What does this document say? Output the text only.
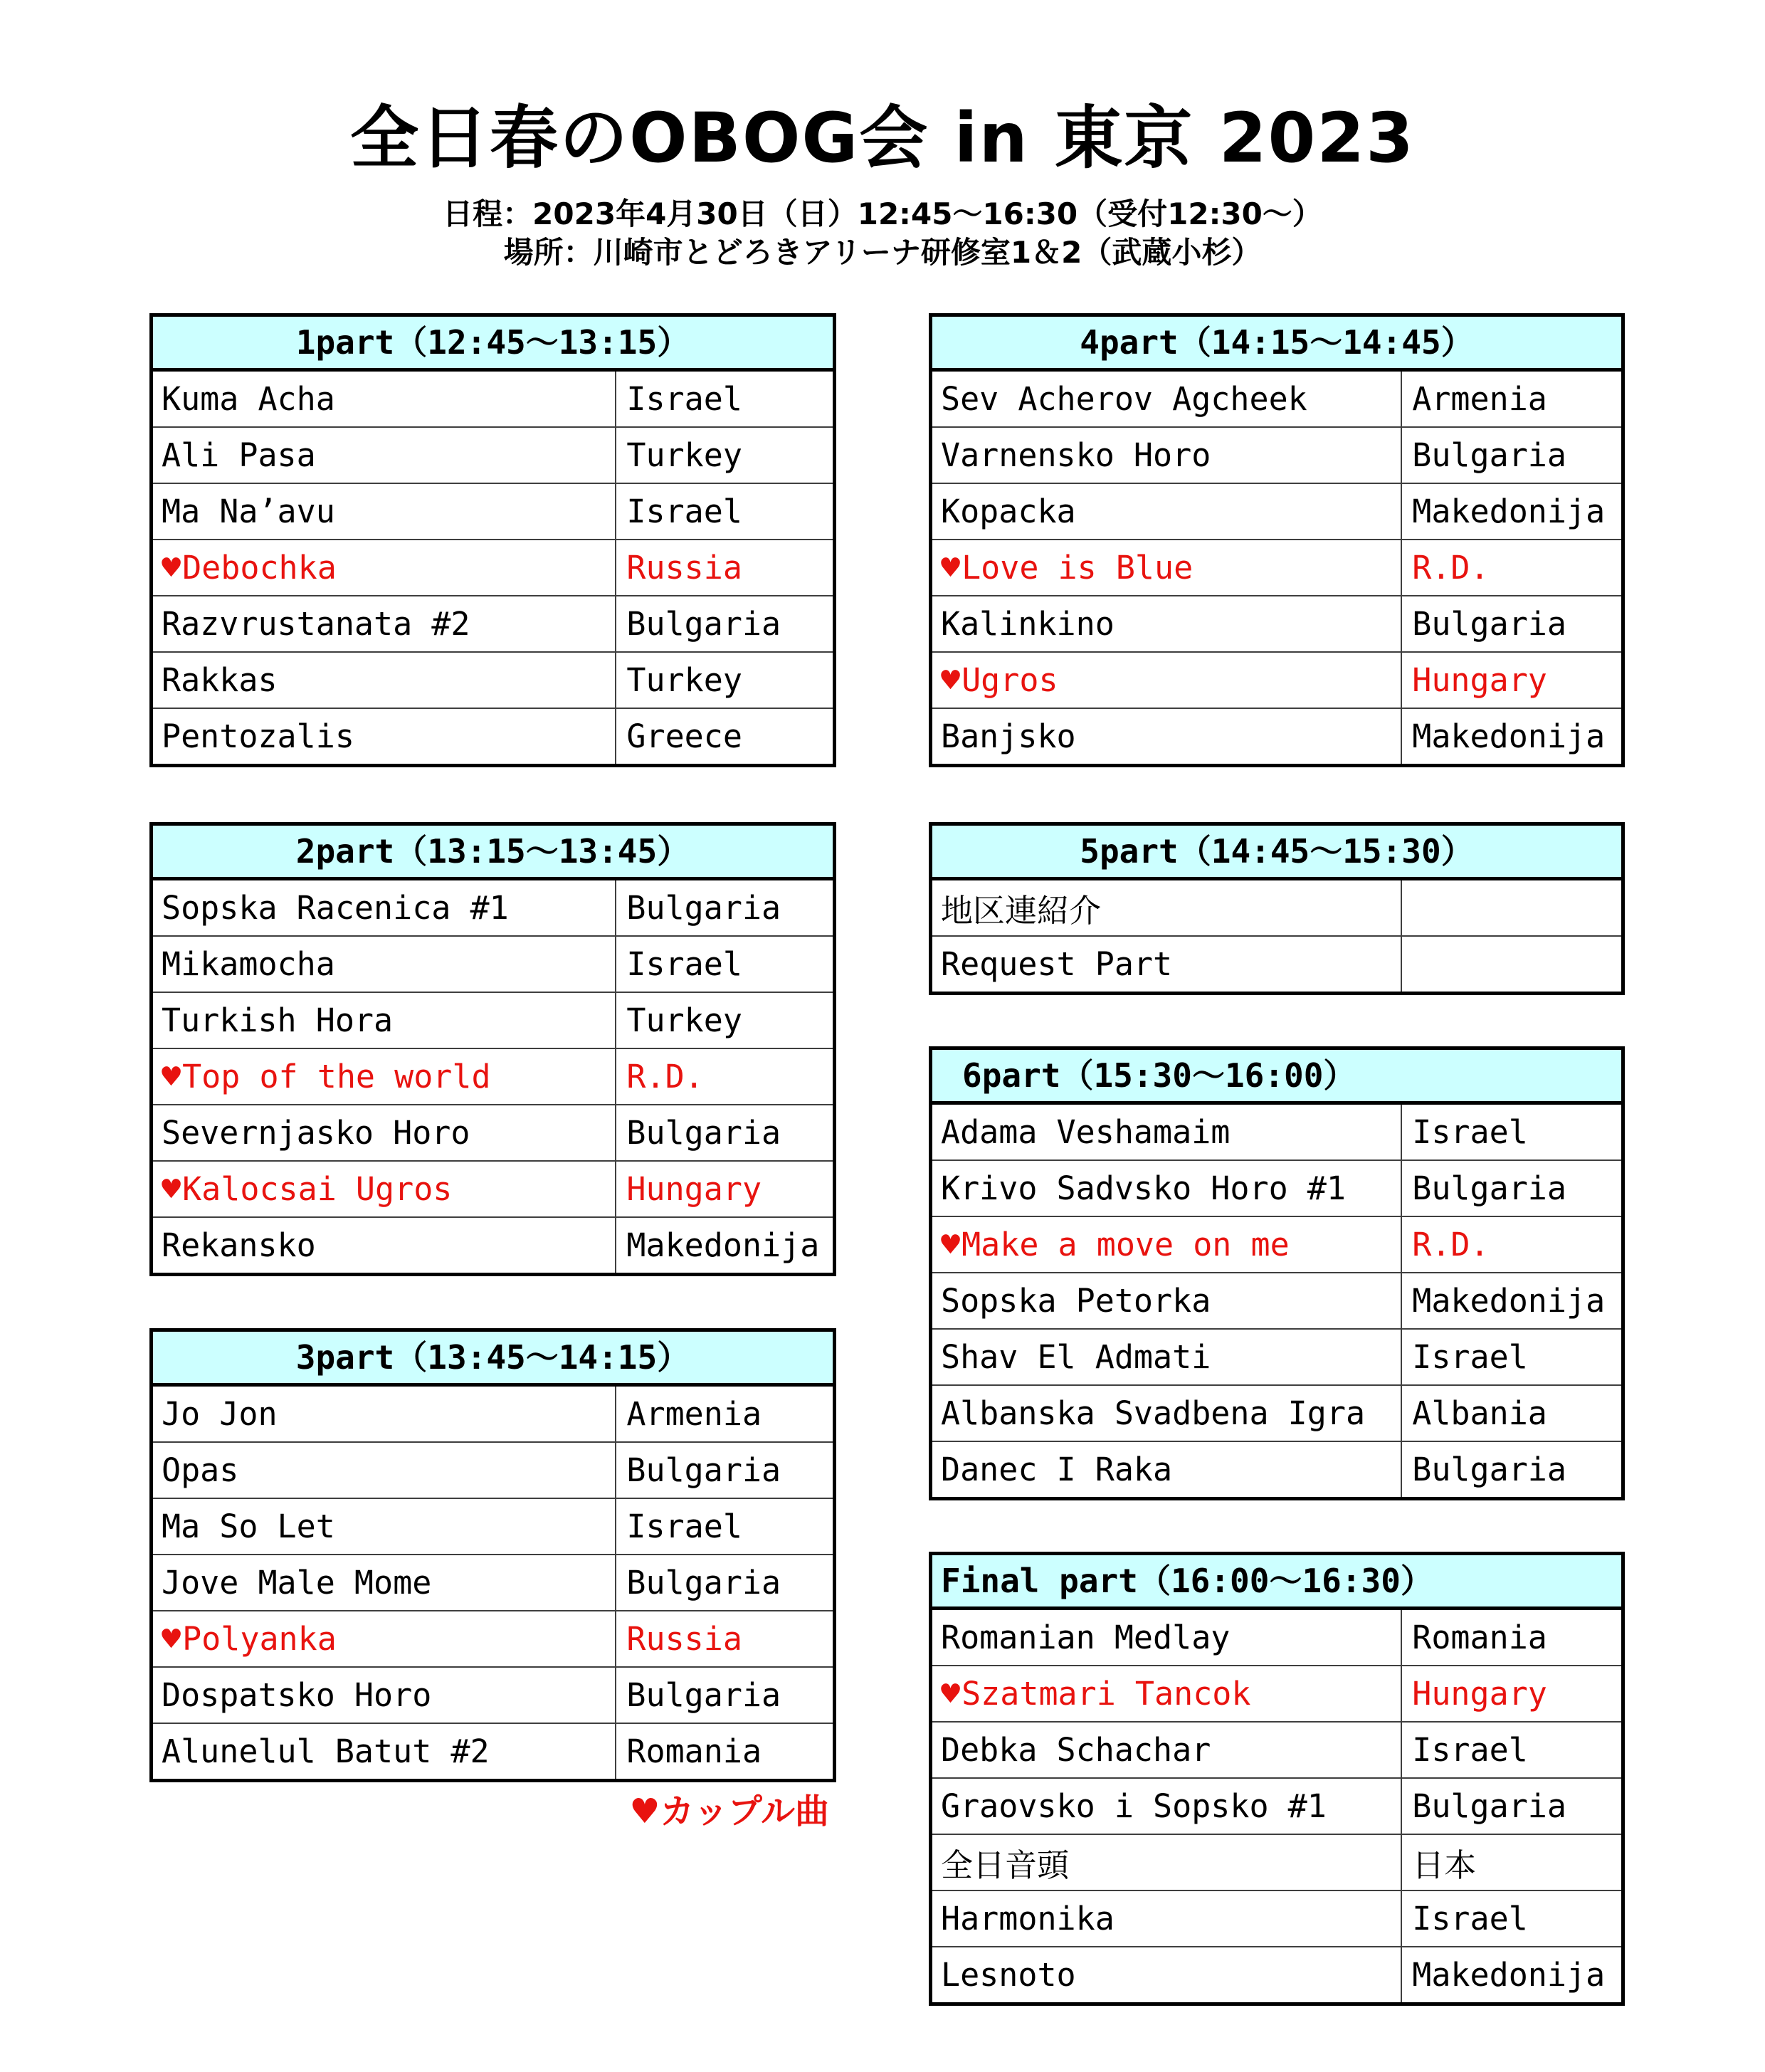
全日春のOBOG会 in 東京 2023
日程：2023年4月30日（日）12:45～16:30（受付12:30～）
場所：川崎市とどろきアリーナ研修室1＆2（武蔵小杉）
1part（12:45～13:15）
Kuma Acha	Israel
Ali Pasa	Turkey
Ma Na’avu	Israel
♥ Debochka	Russia
Razvrustanata #2	Bulgaria
Rakkas	Turkey
Pentozalis	Greece
2part（13:15～13:45）
Sopska Racenica #1	Bulgaria
Mikamocha	Israel
Turkish Hora	Turkey
♥ Top of the world	R.D.
Severnjasko Horo	Bulgaria
♥ Kalocsai Ugros	Hungary
Rekansko	Makedonija
3part（13:45～14:15）
Jo Jon	Armenia
Opas	Bulgaria
Ma So Let	Israel
Jove Male Mome	Bulgaria
♥ Polyanka	Russia
Dospatsko Horo	Bulgaria
Alunelul Batut #2	Romania
4part（14:15～14:45）
Sev Acherov Agcheek	Armenia
Varnensko Horo	Bulgaria
Kopacka	Makedonija
♥ Love is Blue	R.D.
Kalinkino	Bulgaria
♥ Ugros	Hungary
Banjsko	Makedonija
5part（14:45～15:30）
地区連紹介
Request Part
6part（15:30～16:00）
Adama Veshamaim	Israel
Krivo Sadvsko Horo #1	Bulgaria
♥ Make a move on me	R.D.
Sopska Petorka	Makedonija
Shav El Admati	Israel
Albanska Svadbena Igra	Albania
Danec I Raka	Bulgaria
Final part（16:00～16:30）
Romanian Medlay	Romania
♥ Szatmari Tancok	Hungary
Debka Schachar	Israel
Graovsko i Sopsko #1	Bulgaria
全日音頭	日本
Harmonika	Israel
Lesnoto	Makedonija
♥カップル曲
